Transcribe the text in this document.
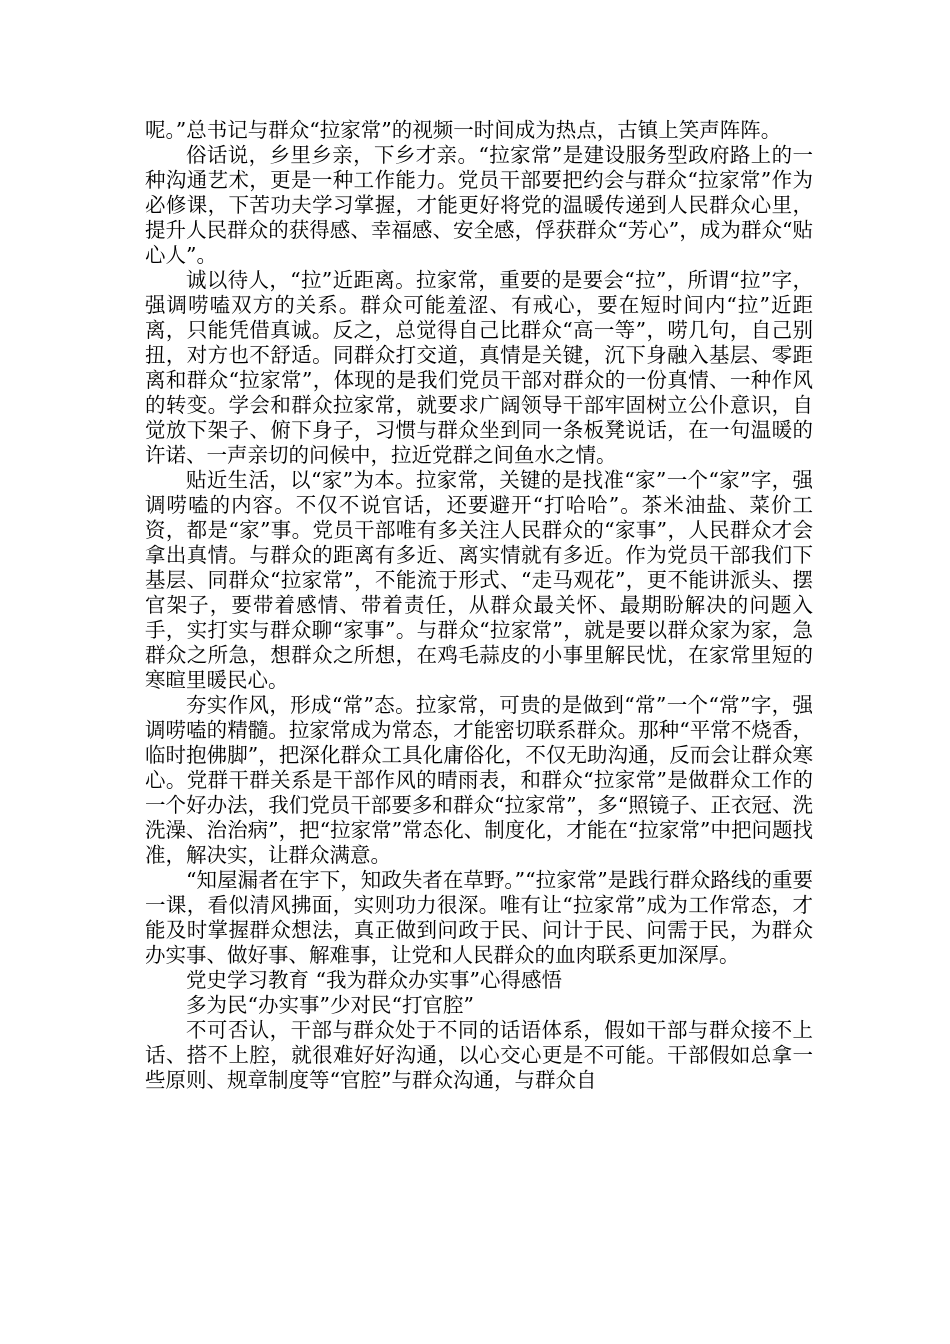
呢。”总书记与群众“拉家常”的视频一时间成为热点，古镇上笑声阵阵。

俗话说，乡里乡亲，下乡才亲。“拉家常”是建设服务型政府路上的一种沟通艺术，更是一种工作能力。党员干部要把约会与群众“拉家常”作为必修课，下苦功夫学习掌握，才能更好将党的温暖传递到人民群众心里，提升人民群众的获得感、幸福感、安全感，俘获群众“芳心”，成为群众“贴心人”。

诚以待人，“拉”近距离。拉家常，重要的是要会“拉”，所谓“拉”字，强调唠嗑双方的关系。群众可能羞涩、有戒心，要在短时间内“拉”近距离，只能凭借真诚。反之，总觉得自己比群众“高一等”，唠几句，自己别扭，对方也不舒适。同群众打交道，真情是关键，沉下身融入基层、零距离和群众“拉家常”，体现的是我们党员干部对群众的一份真情、一种作风的转变。学会和群众拉家常，就要求广阔领导干部牢固树立公仆意识，自觉放下架子、俯下身子，习惯与群众坐到同一条板凳说话，在一句温暖的许诺、一声亲切的问候中，拉近党群之间鱼水之情。

贴近生活，以“家”为本。拉家常，关键的是找准“家”一个“家”字，强调唠嗑的内容。不仅不说官话，还要避开“打哈哈”。茶米油盐、菜价工资，都是“家”事。党员干部唯有多关注人民群众的“家事”，人民群众才会拿出真情。与群众的距离有多近、离实情就有多近。作为党员干部我们下基层、同群众“拉家常”，不能流于形式、“走马观花”，更不能讲派头、摆官架子，要带着感情、带着责任，从群众最关怀、最期盼解决的问题入手，实打实与群众聊“家事”。与群众“拉家常”，就是要以群众家为家，急群众之所急，想群众之所想，在鸡毛蒜皮的小事里解民忧，在家常里短的寒暄里暖民心。

夯实作风，形成“常”态。拉家常，可贵的是做到“常”一个“常”字，强调唠嗑的精髓。拉家常成为常态，才能密切联系群众。那种“平常不烧香，临时抱佛脚”，把深化群众工具化庸俗化，不仅无助沟通，反而会让群众寒心。党群干群关系是干部作风的晴雨表，和群众“拉家常”是做群众工作的一个好办法，我们党员干部要多和群众“拉家常”，多“照镜子、正衣冠、洗洗澡、治治病”，把“拉家常”常态化、制度化，才能在“拉家常”中把问题找准，解决实，让群众满意。

“知屋漏者在宇下，知政失者在草野。”“拉家常”是践行群众路线的重要一课，看似清风拂面，实则功力很深。唯有让“拉家常”成为工作常态，才能及时掌握群众想法，真正做到问政于民、问计于民、问需于民，为群众办实事、做好事、解难事，让党和人民群众的血肉联系更加深厚。

党史学习教育 “我为群众办实事”心得感悟

多为民“办实事”少对民“打官腔”

不可否认，干部与群众处于不同的话语体系，假如干部与群众接不上话、搭不上腔，就很难好好沟通，以心交心更是不可能。干部假如总拿一些原则、规章制度等“官腔”与群众沟通，与群众自
